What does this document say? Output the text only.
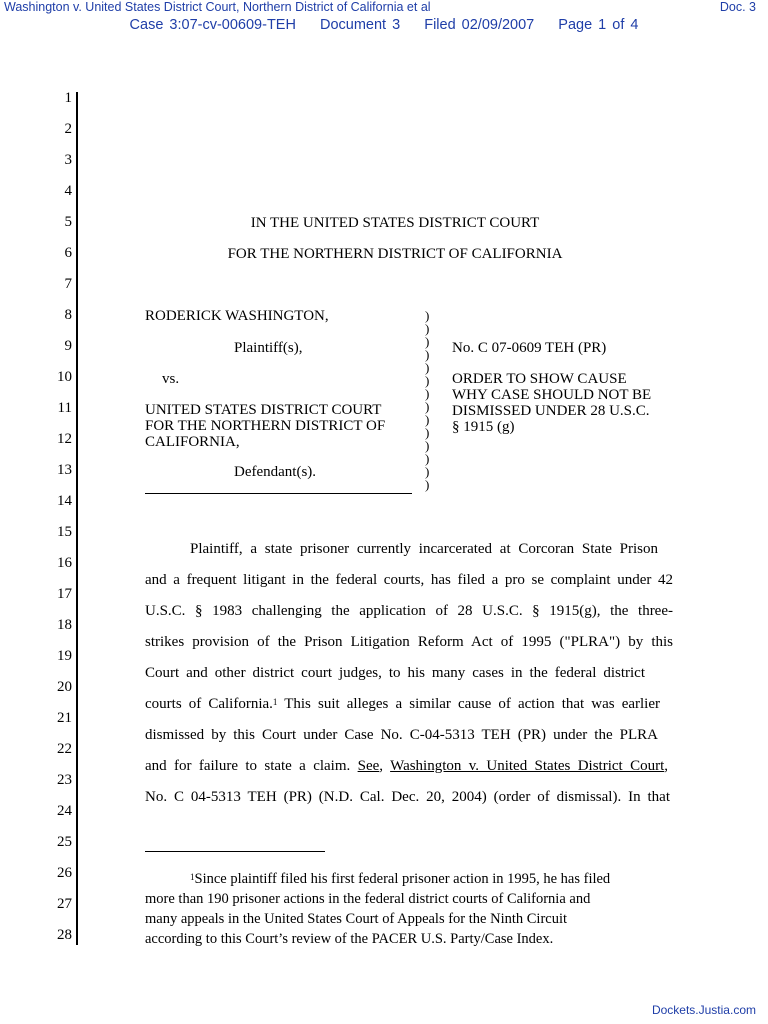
Washington v. United States District Court, Northern District of California et al	Doc. 3
Case 3:07-cv-00609-TEH Document 3 Filed 02/09/2007 Page 1 of 4
1
2
3
4
5
6
7
8
9
10
11
12
13
14
15
16
17
18
19
20
21
22
23
24
25
26
27
28
IN THE UNITED STATES DISTRICT COURT
FOR THE NORTHERN DISTRICT OF CALIFORNIA
RODERICK WASHINGTON,
Plaintiff(s),
vs.
UNITED STATES DISTRICT COURT
FOR THE NORTHERN DISTRICT OF
CALIFORNIA,
Defendant(s).
)
)
)
)
)
)
)
)
)
)
)
)
)
)
No. C 07-0609 TEH (PR)
ORDER TO SHOW CAUSE
WHY CASE SHOULD NOT BE
DISMISSED UNDER 28 U.S.C.
§ 1915 (g)
Plaintiff, a state prisoner currently incarcerated at Corcoran State Prison
and a frequent litigant in the federal courts, has filed a pro se complaint under 42
U.S.C. § 1983 challenging the application of 28 U.S.C. § 1915(g), the three-
strikes provision of the Prison Litigation Reform Act of 1995 ("PLRA") by this
Court and other district court judges, to his many cases in the federal district
courts of California.$^1$ This suit alleges a similar cause of action that was earlier
dismissed by this Court under Case No. C-04-5313 TEH (PR) under the PLRA
and for failure to state a claim. See, Washington v. United States District Court,
No. C 04-5313 TEH (PR) (N.D. Cal. Dec. 20, 2004) (order of dismissal). In that
$^1$Since plaintiff filed his first federal prisoner action in 1995, he has filed
more than 190 prisoner actions in the federal district courts of California and
many appeals in the United States Court of Appeals for the Ninth Circuit
according to this Court’s review of the PACER U.S. Party/Case Index.
Dockets.Justia.com
